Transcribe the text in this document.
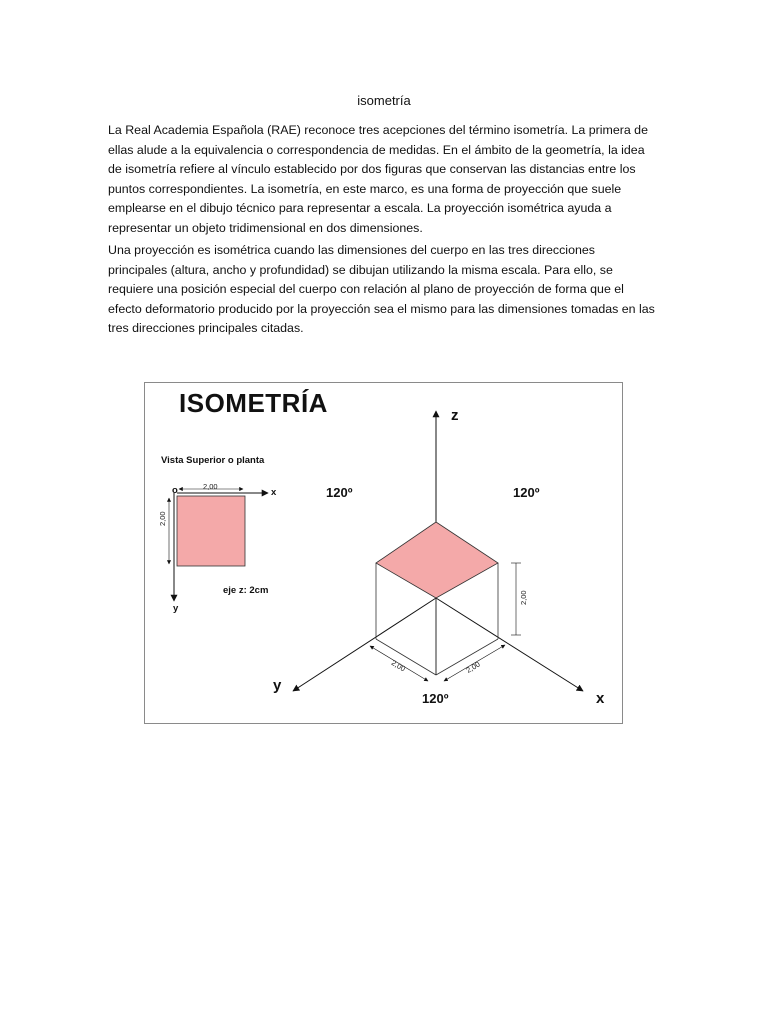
isometría

La Real Academia Española (RAE) reconoce tres acepciones del término isometría. La primera de ellas alude a la equivalencia o correspondencia de medidas. En el ámbito de la geometría, la idea de isometría refiere al vínculo establecido por dos figuras que conservan las distancias entre los puntos correspondientes. La isometría, en este marco, es una forma de proyección que suele emplearse en el dibujo técnico para representar a escala. La proyección isométrica ayuda a representar un objeto tridimensional en dos dimensiones.

Una proyección es isométrica cuando las dimensiones del cuerpo en las tres direcciones principales (altura, ancho y profundidad) se dibujan utilizando la misma escala. Para ello, se requiere una posición especial del cuerpo con relación al plano de proyección de forma que el efecto deformatorio producido por la proyección sea el mismo para las dimensiones tomadas en las tres direcciones principales citadas.

ISOMETRÍA
Vista Superior o planta
o	2,00
2,00
x
y
eje z: 2cm
120º	120º
120º
z
x
y
2,00
2,00	2,00
